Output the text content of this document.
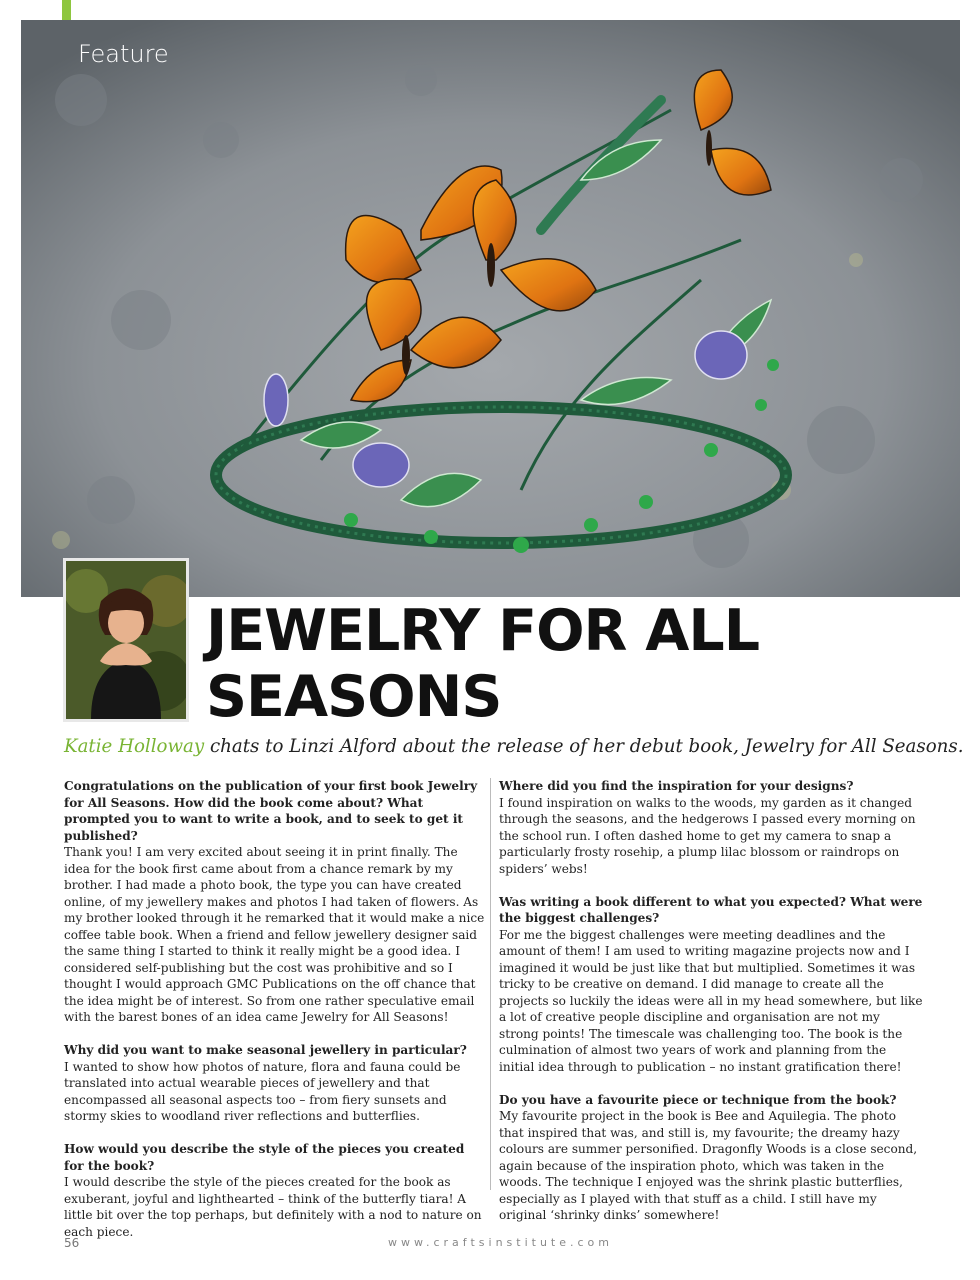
Feature
JEWELRY FOR ALL
SEASONS
Katie Holloway chats to Linzi Alford about the release of her debut book, Jewelry for All Seasons.

Congratulations on the publication of your first book Jewelry for All Seasons. How did the book come about? What prompted you to want to write a book, and to seek to get it published?

Thank you! I am very excited about seeing it in print finally. The idea for the book first came about from a chance remark by my brother. I had made a photo book, the type you can have created online, of my jewellery makes and photos I had taken of flowers. As my brother looked through it he remarked that it would make a nice coffee table book. When a friend and fellow jewellery designer said the same thing I started to think it really might be a good idea. I considered self-publishing but the cost was prohibitive and so I thought I would approach GMC Publications on the off chance that the idea might be of interest. So from one rather speculative email with the barest bones of an idea came Jewelry for All Seasons!

Why did you want to make seasonal jewellery in particular?

I wanted to show how photos of nature, flora and fauna could be translated into actual wearable pieces of jewellery and that encompassed all seasonal aspects too – from fiery sunsets and stormy skies to woodland river reflections and butterflies.

How would you describe the style of the pieces you created for the book?

I would describe the style of the pieces created for the book as exuberant, joyful and lighthearted – think of the butterfly tiara! A little bit over the top perhaps, but definitely with a nod to nature on each piece.

Where did you find the inspiration for your designs?

I found inspiration on walks to the woods, my garden as it changed through the seasons, and the hedgerows I passed every morning on the school run. I often dashed home to get my camera to snap a particularly frosty rosehip, a plump lilac blossom or raindrops on spiders’ webs!

Was writing a book different to what you expected? What were the biggest challenges?

For me the biggest challenges were meeting deadlines and the amount of them! I am used to writing magazine projects now and I imagined it would be just like that but multiplied. Sometimes it was tricky to be creative on demand. I did manage to create all the projects so luckily the ideas were all in my head somewhere, but like a lot of creative people discipline and organisation are not my strong points! The timescale was challenging too. The book is the culmination of almost two years of work and planning from the initial idea through to publication – no instant gratification there!

Do you have a favourite piece or technique from the book?

My favourite project in the book is Bee and Aquilegia. The photo that inspired that was, and still is, my favourite; the dreamy hazy colours are summer personified. Dragonfly Woods is a close second, again because of the inspiration photo, which was taken in the woods. The technique I enjoyed was the shrink plastic butterflies, especially as I played with that stuff as a child. I still have my original ‘shrinky dinks’ somewhere!

56	www.craftsinstitute.com
